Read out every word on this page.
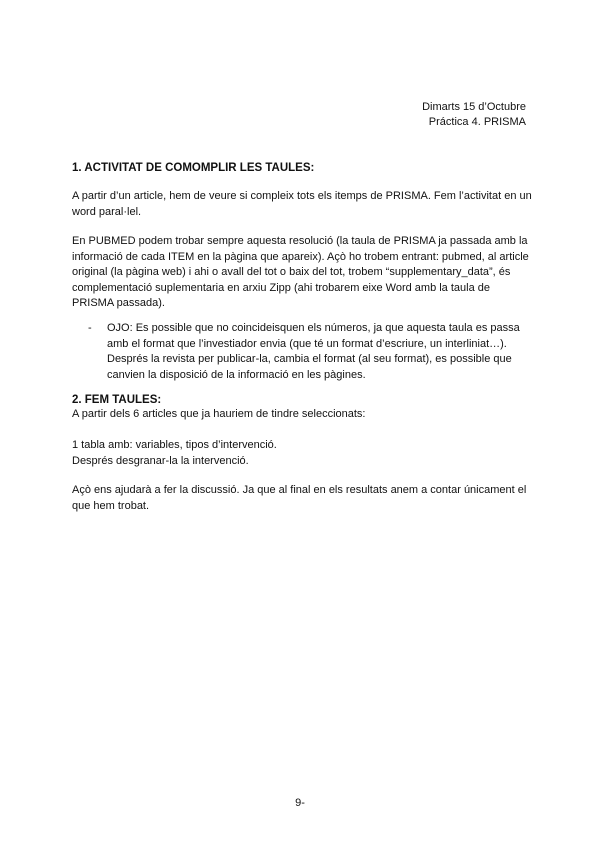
Dimarts 15 d’Octubre
Práctica 4. PRISMA
1. ACTIVITAT DE COMOMPLIR LES TAULES:

A partir d’un article, hem de veure si compleix tots els itemps de PRISMA. Fem l’activitat en un word paral·lel.

En PUBMED podem trobar sempre aquesta resolució (la taula de PRISMA ja passada amb la informació de cada ITEM en la pàgina que apareix). Açò ho trobem entrant: pubmed, al article original (la pàgina web) i ahi o avall del tot o baix del tot, trobem “supplementary_data”, és complementació suplementaria en arxiu Zipp (ahi trobarem eixe Word amb la taula de PRISMA passada).

- OJO: Es possible que no coincideisquen els números, ja que aquesta taula es passa amb el format que l’investiador envia (que té un format d’escriure, un interliniat…). Després la revista per publicar-la, cambia el format (al seu format), es possible que canvien la disposició de la informació en les pàgines.
2. FEM TAULES:

A partir dels 6 articles que ja hauriem de tindre seleccionats:

1 tabla amb: variables, tipos d’intervenció.

Després desgranar-la la intervenció.

Açò ens ajudarà a fer la discussió. Ja que al final en els resultats anem a contar únicament el que hem trobat.

9-
